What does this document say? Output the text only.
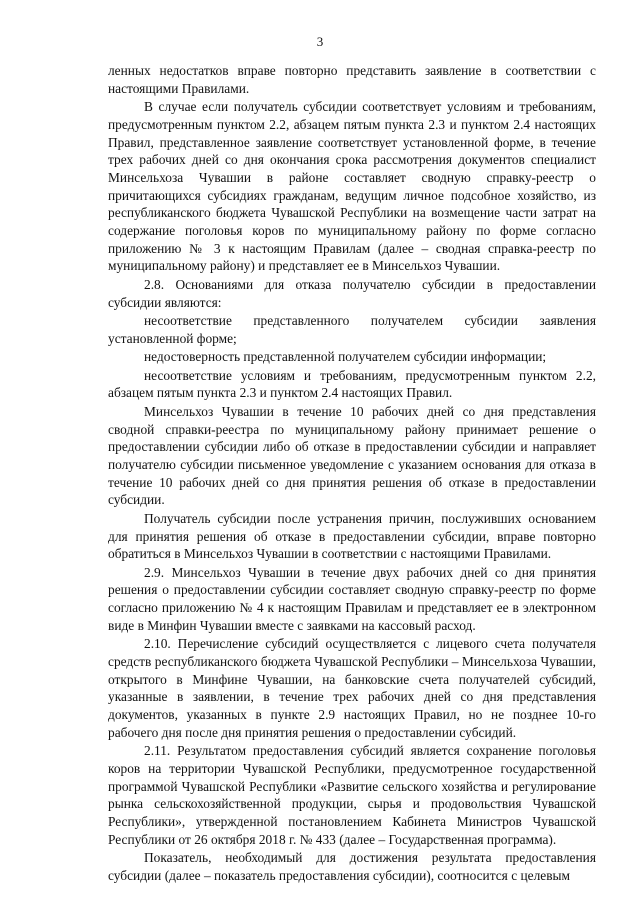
3

ленных недостатков вправе повторно представить заявление в соответствии с настоящими Правилами.

В случае если получатель субсидии соответствует условиям и требованиям, предусмотренным пунктом 2.2, абзацем пятым пункта 2.3 и пунктом 2.4 настоящих Правил, представленное заявление соответствует установленной форме, в течение трех рабочих дней со дня окончания срока рассмотрения документов специалист Минсельхоза Чувашии в районе составляет сводную справку-реестр о причитающихся субсидиях гражданам, ведущим личное подсобное хозяйство, из республиканского бюджета Чувашской Республики на возмещение части затрат на содержание поголовья коров по муниципальному району по форме согласно приложению № 3 к настоящим Правилам (далее – сводная справка-реестр по муниципальному району) и представляет ее в Минсельхоз Чувашии.

2.8. Основаниями для отказа получателю субсидии в предоставлении субсидии являются:

несоответствие представленного получателем субсидии заявления установленной форме;

недостоверность представленной получателем субсидии информации;

несоответствие условиям и требованиям, предусмотренным пунктом 2.2, абзацем пятым пункта 2.3 и пунктом 2.4 настоящих Правил.

Минсельхоз Чувашии в течение 10 рабочих дней со дня представления сводной справки-реестра по муниципальному району принимает решение о предоставлении субсидии либо об отказе в предоставлении субсидии и направляет получателю субсидии письменное уведомление с указанием основания для отказа в течение 10 рабочих дней со дня принятия решения об отказе в предоставлении субсидии.

Получатель субсидии после устранения причин, послуживших основанием для принятия решения об отказе в предоставлении субсидии, вправе повторно обратиться в Минсельхоз Чувашии в соответствии с настоящими Правилами.

2.9. Минсельхоз Чувашии в течение двух рабочих дней со дня принятия решения о предоставлении субсидии составляет сводную справку-реестр по форме согласно приложению № 4 к настоящим Правилам и представляет ее в электронном виде в Минфин Чувашии вместе с заявками на кассовый расход.

2.10. Перечисление субсидий осуществляется с лицевого счета получателя средств республиканского бюджета Чувашской Республики – Минсельхоза Чувашии, открытого в Минфине Чувашии, на банковские счета получателей субсидий, указанные в заявлении, в течение трех рабочих дней со дня представления документов, указанных в пункте 2.9 настоящих Правил, но не позднее 10-го рабочего дня после дня принятия решения о предоставлении субсидий.

2.11. Результатом предоставления субсидий является сохранение поголовья коров на территории Чувашской Республики, предусмотренное государственной программой Чувашской Республики «Развитие сельского хозяйства и регулирование рынка сельскохозяйственной продукции, сырья и продовольствия Чувашской Республики», утвержденной постановлением Кабинета Министров Чувашской Республики от 26 октября 2018 г. № 433 (далее – Государственная программа).

Показатель, необходимый для достижения результата предоставления субсидии (далее – показатель предоставления субсидии), соотносится с целевым
